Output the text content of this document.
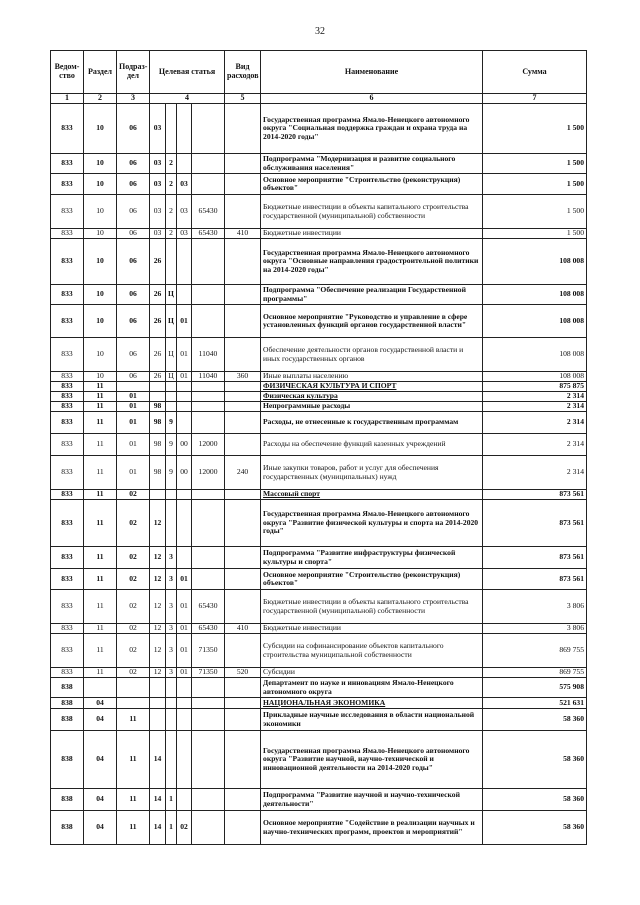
32
Ведом-ство	Раздел	Подраз-дел	Целевая статья				Вид расходов	Наименование	Сумма
1	2	3	4				5	6	7
833	10	06	03					Государственная программа Ямало-Ненецкого автономного округа "Социальная поддержка граждан и охрана труда на 2014-2020 годы"	1 500
833	10	06	03	2				Подпрограмма "Модернизация и развитие социального обслуживания населения"	1 500
833	10	06	03	2	03			Основное мероприятие "Строительство (реконструкция) объектов"	1 500
833	10	06	03	2	03	65430		Бюджетные инвестиции в объекты капитального строительства государственной (муниципальной) собственности	1 500
833	10	06	03	2	03	65430	410	Бюджетные инвестиции	1 500
833	10	06	26					Государственная программа Ямало-Ненецкого автономного округа "Основные направления градостроительной политики на 2014-2020 годы"	108 008
833	10	06	26	Ц				Подпрограмма "Обеспечение реализации Государственной программы"	108 008
833	10	06	26	Ц	01			Основное мероприятие "Руководство и управление в сфере установленных функций органов государственной власти"	108 008
833	10	06	26	Ц	01	11040		Обеспечение деятельности органов государственной власти и иных государственных органов	108 008
833	10	06	26	Ц	01	11040	360	Иные выплаты населению	108 008
833	11							ФИЗИЧЕСКАЯ КУЛЬТУРА И СПОРТ	875 875
833	11	01						Физическая культура	2 314
833	11	01	98					Непрограммные расходы	2 314
833	11	01	98	9				Расходы, не отнесенные к государственным программам	2 314
833	11	01	98	9	00	12000		Расходы на обеспечение функций казенных учреждений	2 314
833	11	01	98	9	00	12000	240	Иные закупки товаров, работ и услуг для обеспечения государственных (муниципальных) нужд	2 314
833	11	02						Массовый спорт	873 561
833	11	02	12					Государственная программа Ямало-Ненецкого автономного округа "Развитие физической культуры и спорта на 2014-2020 годы"	873 561
833	11	02	12	3				Подпрограмма "Развитие инфраструктуры физической культуры и спорта"	873 561
833	11	02	12	3	01			Основное мероприятие "Строительство (реконструкция) объектов"	873 561
833	11	02	12	3	01	65430		Бюджетные инвестиции в объекты капитального строительства государственной (муниципальной) собственности	3 806
833	11	02	12	3	01	65430	410	Бюджетные инвестиции	3 806
833	11	02	12	3	01	71350		Субсидии на софинансирование объектов капитального строительства муниципальной собственности	869 755
833	11	02	12	3	01	71350	520	Субсидии	869 755
838								Департамент по науке и инновациям Ямало-Ненецкого автономного округа	575 908
838	04							НАЦИОНАЛЬНАЯ ЭКОНОМИКА	521 631
838	04	11						Прикладные научные исследования в области национальной экономики	58 360
838	04	11	14					Государственная программа Ямало-Ненецкого автономного округа "Развитие научной, научно-технической и инновационной деятельности на 2014-2020 годы"	58 360
838	04	11	14	1				Подпрограмма "Развитие научной и научно-технической деятельности"	58 360
838	04	11	14	1	02			Основное мероприятие "Содействие в реализации научных и научно-технических программ, проектов и мероприятий"	58 360
